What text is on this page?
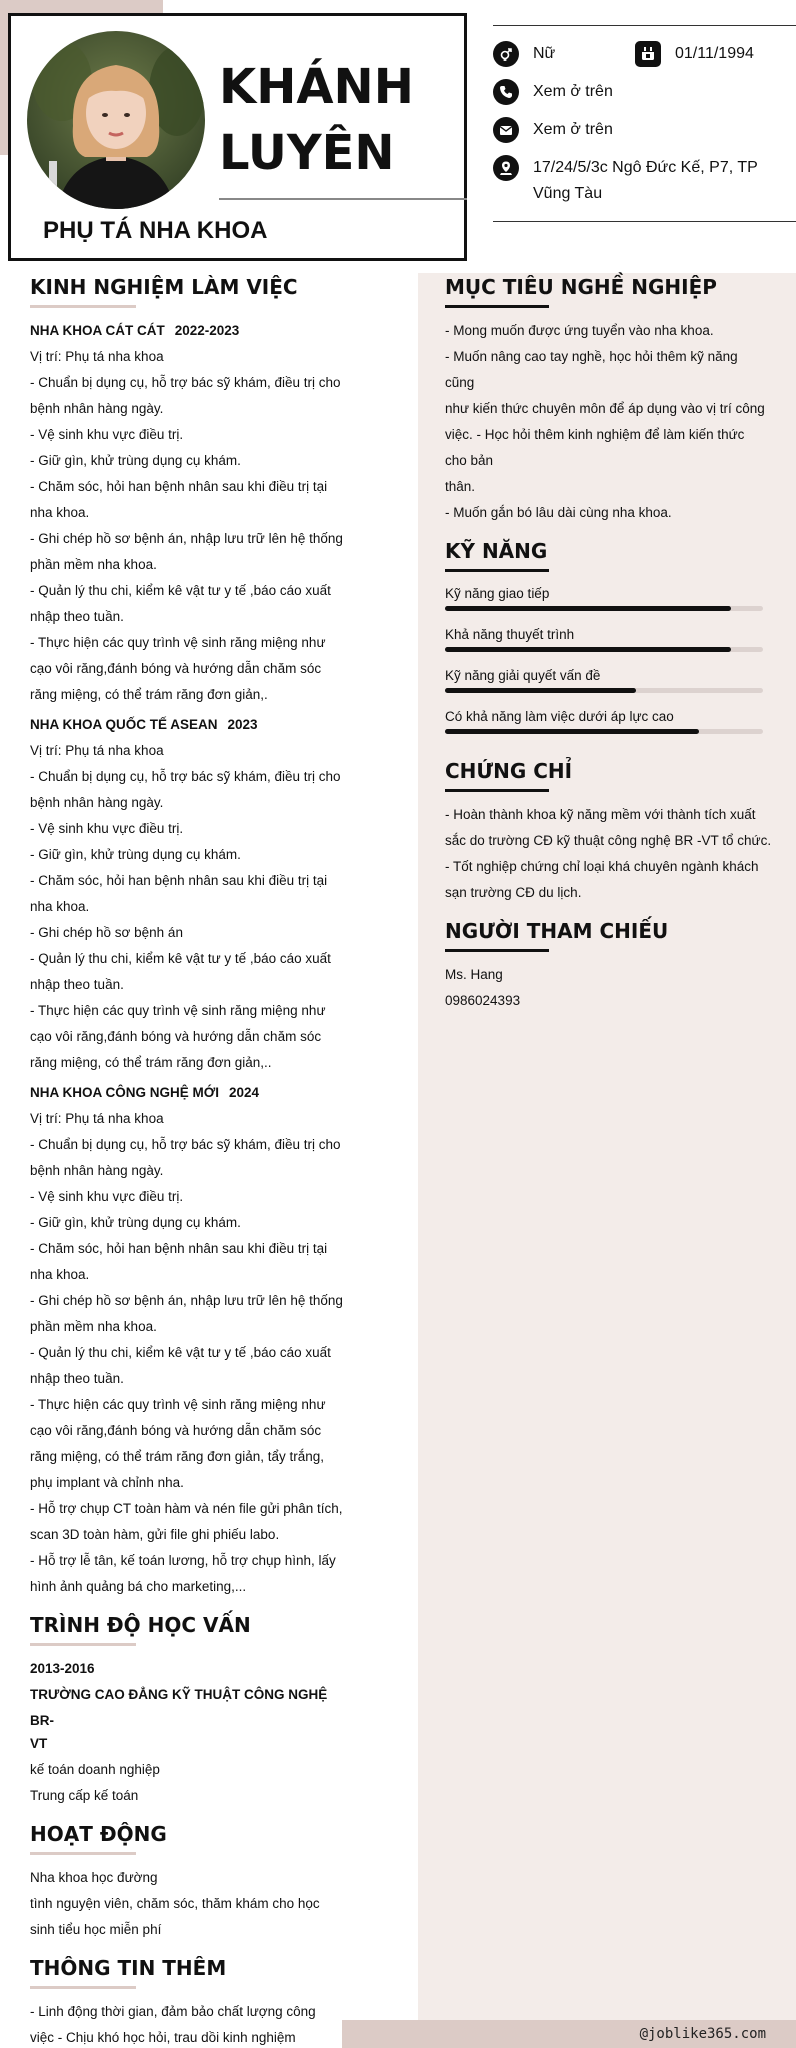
KHÁNH
LUYÊN
PHỤ TÁ NHA KHOA
Nữ	01/11/1994
Xem ở trên
Xem ở trên
17/24/5/3c Ngô Đức Kế, P7, TP
Vũng Tàu
KINH NGHIỆM LÀM VIỆC
NHA KHOA CÁT CÁT 2022-2023
Vị trí: Phụ tá nha khoa
- Chuẩn bị dụng cụ, hỗ trợ bác sỹ khám, điều trị cho
bệnh nhân hàng ngày.
- Vệ sinh khu vực điều trị.
- Giữ gìn, khử trùng dụng cụ khám.
- Chăm sóc, hỏi han bệnh nhân sau khi điều trị tại
nha khoa.
- Ghi chép hồ sơ bệnh án, nhập lưu trữ lên hệ thống
phần mềm nha khoa.
- Quản lý thu chi, kiểm kê vật tư y tế ,báo cáo xuất
nhập theo tuần.
- Thực hiện các quy trình vệ sinh răng miệng như
cạo vôi răng,đánh bóng và hướng dẫn chăm sóc
răng miệng, có thể trám răng đơn giản,.
NHA KHOA QUỐC TẾ ASEAN 2023
Vị trí: Phụ tá nha khoa
- Chuẩn bị dụng cụ, hỗ trợ bác sỹ khám, điều trị cho
bệnh nhân hàng ngày.
- Vệ sinh khu vực điều trị.
- Giữ gìn, khử trùng dụng cụ khám.
- Chăm sóc, hỏi han bệnh nhân sau khi điều trị tại
nha khoa.
- Ghi chép hồ sơ bệnh án
- Quản lý thu chi, kiểm kê vật tư y tế ,báo cáo xuất
nhập theo tuần.
- Thực hiện các quy trình vệ sinh răng miệng như
cạo vôi răng,đánh bóng và hướng dẫn chăm sóc
răng miệng, có thể trám răng đơn giản,..
NHA KHOA CÔNG NGHỆ MỚI 2024
Vị trí: Phụ tá nha khoa
- Chuẩn bị dụng cụ, hỗ trợ bác sỹ khám, điều trị cho
bệnh nhân hàng ngày.
- Vệ sinh khu vực điều trị.
- Giữ gìn, khử trùng dụng cụ khám.
- Chăm sóc, hỏi han bệnh nhân sau khi điều trị tại
nha khoa.
- Ghi chép hồ sơ bệnh án, nhập lưu trữ lên hệ thống
phần mềm nha khoa.
- Quản lý thu chi, kiểm kê vật tư y tế ,báo cáo xuất
nhập theo tuần.
- Thực hiện các quy trình vệ sinh răng miệng như
cạo vôi răng,đánh bóng và hướng dẫn chăm sóc
răng miệng, có thể trám răng đơn giản, tẩy trắng,
phụ implant và chỉnh nha.
- Hỗ trợ chụp CT toàn hàm và nén file gửi phân tích,
scan 3D toàn hàm, gửi file ghi phiếu labo.
- Hỗ trợ lễ tân, kế toán lương, hỗ trợ chụp hình, lấy
hình ảnh quảng bá cho marketing,...
TRÌNH ĐỘ HỌC VẤN
2013-2016
TRƯỜNG CAO ĐẲNG KỸ THUẬT CÔNG NGHỆ BR-
VT
kế toán doanh nghiệp
Trung cấp kế toán
HOẠT ĐỘNG
Nha khoa học đường
tình nguyện viên, chăm sóc, thăm khám cho học
sinh tiểu học miễn phí
THÔNG TIN THÊM
- Linh động thời gian, đảm bảo chất lượng công
việc - Chịu khó học hỏi, trau dồi kinh nghiệm
MỤC TIÊU NGHỀ NGHIỆP
- Mong muốn được ứng tuyển vào nha khoa.
- Muốn nâng cao tay nghề, học hỏi thêm kỹ năng
cũng
như kiến thức chuyên môn để áp dụng vào vị trí công
việc. - Học hỏi thêm kinh nghiệm để làm kiến thức
cho bản
thân.
- Muốn gắn bó lâu dài cùng nha khoa.
KỸ NĂNG
Kỹ năng giao tiếp
Khả năng thuyết trình
Kỹ năng giải quyết vấn đề
Có khả năng làm việc dưới áp lực cao
CHỨNG CHỈ
- Hoàn thành khoa kỹ năng mềm với thành tích xuất
sắc do trường CĐ kỹ thuật công nghệ BR -VT tổ chức.
- Tốt nghiệp chứng chỉ loại khá chuyên ngành khách
sạn trường CĐ du lịch.
NGƯỜI THAM CHIẾU
Ms. Hang
0986024393
@joblike365.com
